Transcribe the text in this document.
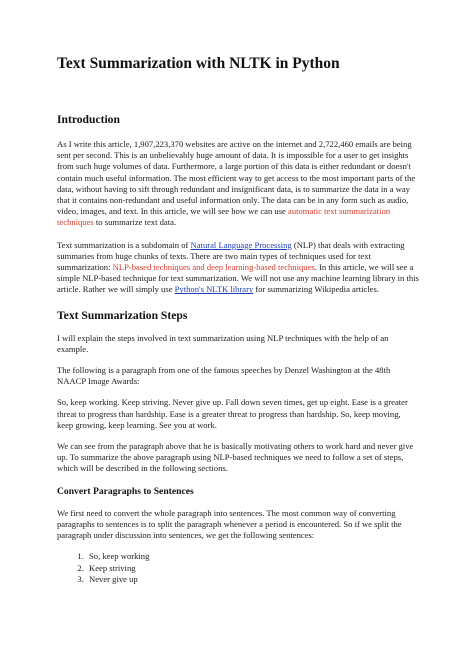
Text Summarization with NLTK in Python
Introduction

As I write this article, 1,907,223,370 websites are active on the internet and 2,722,460 emails are being sent per second. This is an unbelievably huge amount of data. It is impossible for a user to get insights from such huge volumes of data. Furthermore, a large portion of this data is either redundant or doesn't contain much useful information. The most efficient way to get access to the most important parts of the data, without having to sift through redundant and insignificant data, is to summarize the data in a way that it contains non-redundant and useful information only. The data can be in any form such as audio, video, images, and text. In this article, we will see how we can use automatic text summarization techniques to summarize text data.

Text summarization is a subdomain of Natural Language Processing (NLP) that deals with extracting summaries from huge chunks of texts. There are two main types of techniques used for text summarization: NLP-based techniques and deep learning-based techniques. In this article, we will see a simple NLP-based technique for text summarization. We will not use any machine learning library in this article. Rather we will simply use Python's NLTK library for summarizing Wikipedia articles.

Text Summarization Steps

I will explain the steps involved in text summarization using NLP techniques with the help of an example.

The following is a paragraph from one of the famous speeches by Denzel Washington at the 48th NAACP Image Awards:

So, keep working. Keep striving. Never give up. Fall down seven times, get up eight. Ease is a greater threat to progress than hardship. Ease is a greater threat to progress than hardship. So, keep moving, keep growing, keep learning. See you at work.

We can see from the paragraph above that he is basically motivating others to work hard and never give up. To summarize the above paragraph using NLP-based techniques we need to follow a set of steps, which will be described in the following sections.

Convert Paragraphs to Sentences

We first need to convert the whole paragraph into sentences. The most common way of converting paragraphs to sentences is to split the paragraph whenever a period is encountered. So if we split the paragraph under discussion into sentences, we get the following sentences:

1. So, keep working
2. Keep striving
3. Never give up
